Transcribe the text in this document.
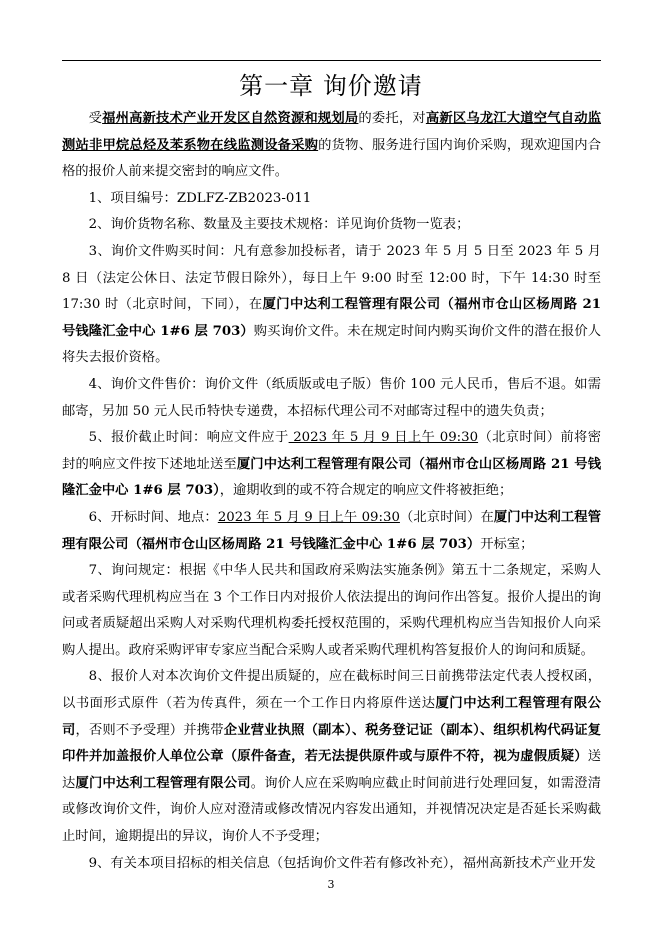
第一章 询价邀请

受福州高新技术产业开发区自然资源和规划局的委托，对高新区乌龙江大道空气自动监测站非甲烷总烃及苯系物在线监测设备采购的货物、服务进行国内询价采购，现欢迎国内合格的报价人前来提交密封的响应文件。

1、项目编号：ZDLFZ-ZB2023-011

2、询价货物名称、数量及主要技术规格：详见询价货物一览表；

3、询价文件购买时间：凡有意参加投标者，请于 2023 年 5 月 5 日至 2023 年 5 月 8 日（法定公休日、法定节假日除外），每日上午 9:00 时至 12:00 时，下午 14:30 时至 17:30 时（北京时间，下同），在厦门中达利工程管理有限公司（福州市仓山区杨周路 21 号钱隆汇金中心 1#6 层 703）购买询价文件。未在规定时间内购买询价文件的潜在报价人将失去报价资格。

4、询价文件售价：询价文件（纸质版或电子版）售价 100 元人民币，售后不退。如需邮寄，另加 50 元人民币特快专递费，本招标代理公司不对邮寄过程中的遗失负责；

5、报价截止时间：响应文件应于 2023 年 5 月 9 日上午 09:30（北京时间）前将密封的响应文件按下述地址送至厦门中达利工程管理有限公司（福州市仓山区杨周路 21 号钱隆汇金中心 1#6 层 703），逾期收到的或不符合规定的响应文件将被拒绝；

6、开标时间、地点：2023 年 5 月 9 日上午 09:30（北京时间）在厦门中达利工程管理有限公司（福州市仓山区杨周路 21 号钱隆汇金中心 1#6 层 703）开标室；

7、询问规定：根据《中华人民共和国政府采购法实施条例》第五十二条规定，采购人或者采购代理机构应当在 3 个工作日内对报价人依法提出的询问作出答复。报价人提出的询问或者质疑超出采购人对采购代理机构委托授权范围的，采购代理机构应当告知报价人向采购人提出。政府采购评审专家应当配合采购人或者采购代理机构答复报价人的询问和质疑。

8、报价人对本次询价文件提出质疑的，应在截标时间三日前携带法定代表人授权函，以书面形式原件（若为传真件，须在一个工作日内将原件送达厦门中达利工程管理有限公司，否则不予受理）并携带企业营业执照（副本）、税务登记证（副本）、组织机构代码证复印件并加盖报价人单位公章（原件备查，若无法提供原件或与原件不符，视为虚假质疑）送达厦门中达利工程管理有限公司。询价人应在采购响应截止时间前进行处理回复，如需澄清或修改询价文件，询价人应对澄清或修改情况内容发出通知，并视情况决定是否延长采购截止时间，逾期提出的异议，询价人不予受理；

9、有关本项目招标的相关信息（包括询价文件若有修改补充），福州高新技术产业开发

3
